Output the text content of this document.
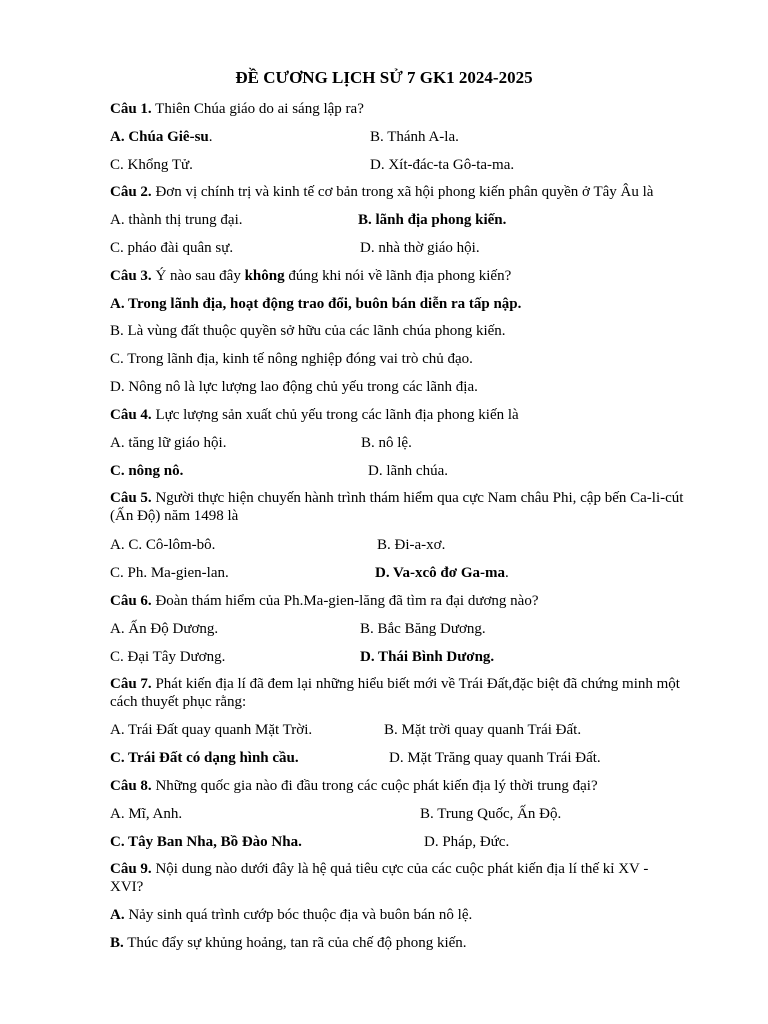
ĐỀ CƯƠNG LỊCH SỬ 7 GK1 2024-2025
Câu 1. Thiên Chúa giáo do ai sáng lập ra?
A. Chúa Giê-su.	B. Thánh A-la.
C. Khổng Tử.	D. Xít-đác-ta Gô-ta-ma.
Câu 2. Đơn vị chính trị và kinh tế cơ bản trong xã hội phong kiến phân quyền ở Tây Âu là
A. thành thị trung đại.	B. lãnh địa phong kiến.
C. pháo đài quân sự.	D. nhà thờ giáo hội.
Câu 3. Ý nào sau đây không đúng khi nói về lãnh địa phong kiến?
A. Trong lãnh địa, hoạt động trao đổi, buôn bán diễn ra tấp nập.
B. Là vùng đất thuộc quyền sở hữu của các lãnh chúa phong kiến.
C. Trong lãnh địa, kinh tế nông nghiệp đóng vai trò chủ đạo.
D. Nông nô là lực lượng lao động chủ yếu trong các lãnh địa.
Câu 4. Lực lượng sản xuất chủ yếu trong các lãnh địa phong kiến là
A. tăng lữ giáo hội.	B. nô lệ.
C. nông nô.	D. lãnh chúa.
Câu 5. Người thực hiện chuyến hành trình thám hiểm qua cực Nam châu Phi, cập bến Ca-li-cút (Ấn Độ) năm 1498 là
A. C. Cô-lôm-bô.	B. Đi-a-xơ.
C. Ph. Ma-gien-lan.	D. Va-xcô đơ Ga-ma.
Câu 6. Đoàn thám hiểm của Ph.Ma-gien-lăng đã tìm ra đại dương nào?
A. Ấn Độ Dương.	B. Bắc Băng Dương.
C. Đại Tây Dương.	D. Thái Bình Dương.
Câu 7. Phát kiến địa lí đã đem lại những hiểu biết mới về Trái Đất,đặc biệt đã chứng minh một cách thuyết phục rằng:
A. Trái Đất quay quanh Mặt Trời.	B. Mặt trời quay quanh Trái Đất.
C. Trái Đất có dạng hình cầu.	D. Mặt Trăng quay quanh Trái Đất.
Câu 8. Những quốc gia nào đi đầu trong các cuộc phát kiến địa lý thời trung đại?
A. Mĩ, Anh.	B. Trung Quốc, Ấn Độ.
C. Tây Ban Nha, Bồ Đào Nha.	D. Pháp, Đức.
Câu 9. Nội dung nào dưới đây là hệ quả tiêu cực của các cuộc phát kiến địa lí thế kỉ XV - XVI?
A. Nảy sinh quá trình cướp bóc thuộc địa và buôn bán nô lệ.
B. Thúc đẩy sự khủng hoảng, tan rã của chế độ phong kiến.
